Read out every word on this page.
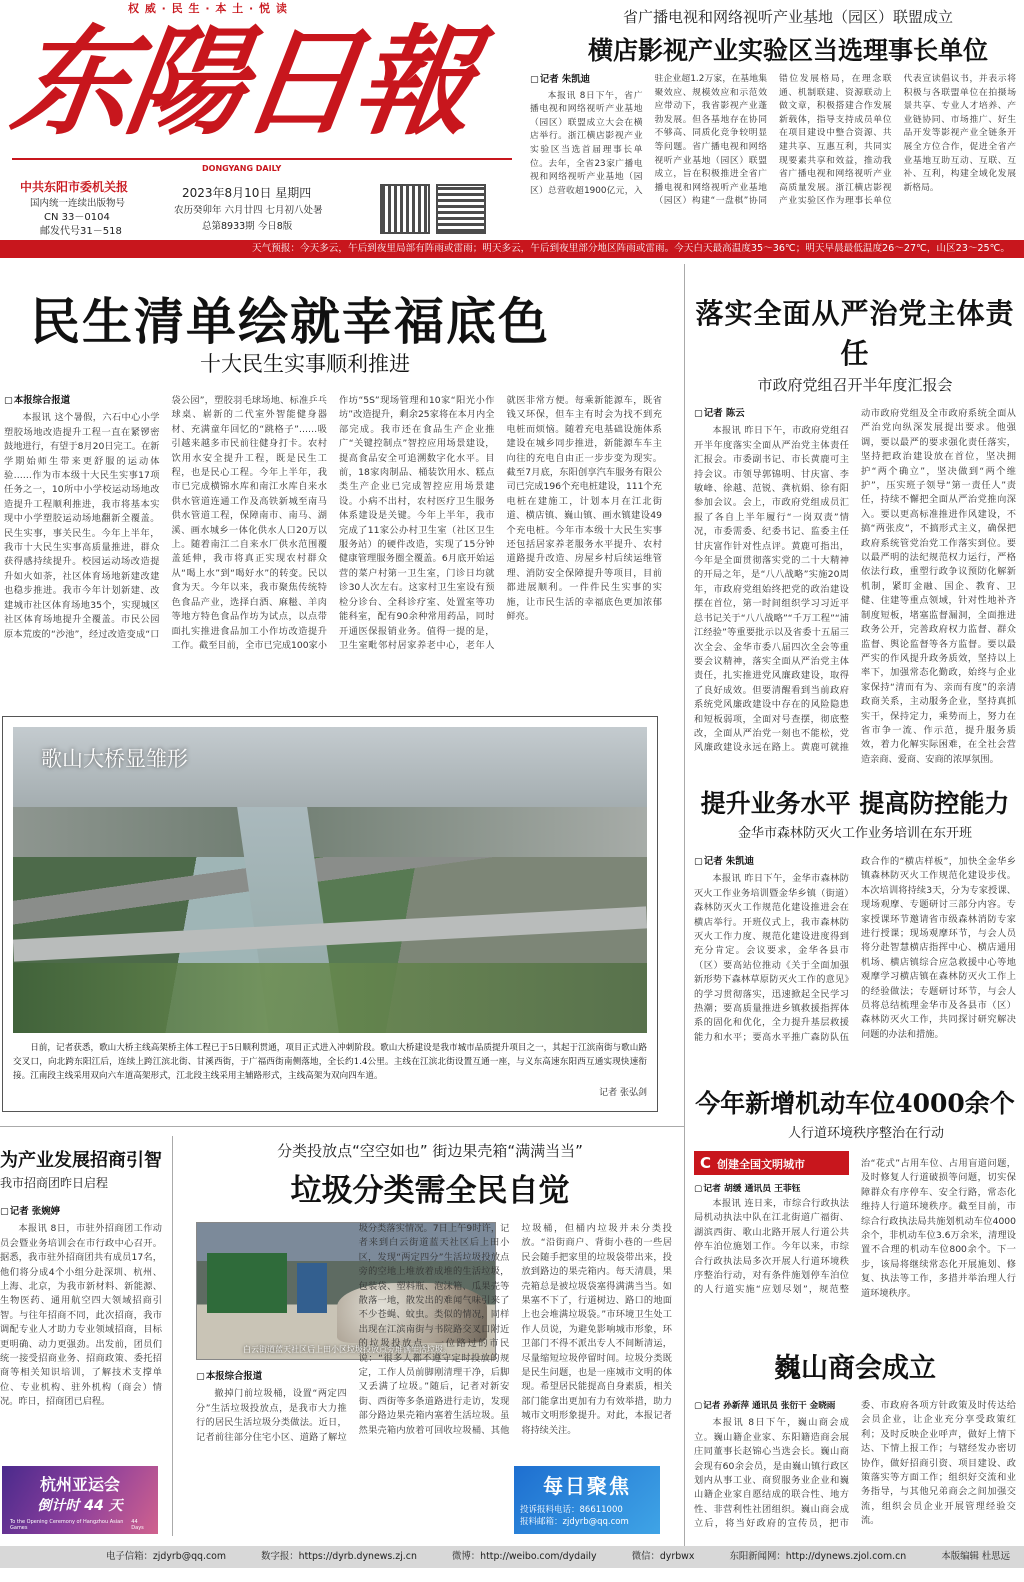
权 威 · 民 生 · 本 土 · 悦 读
东陽日報
DONGYANG DAILY
中共东阳市委机关报
国内统一连续出版物号
CN 33－0104
邮发代号31－518
2023年8月10日 星期四
农历癸卯年 六月廿四 七月初八处暑
总第8933期 今日8版
省广播电视和网络视听产业基地（园区）联盟成立
横店影视产业实验区当选理事长单位
▢ 记者 朱凯迪

本报讯 8日下午，省广播电视和网络视听产业基地（园区）联盟成立大会在横店举行。浙江横店影视产业实验区当选首届理事长单位。去年，全省23家广播电视和网络视听产业基地（园区）总营收超1900亿元，入驻企业超1.2万家，在基地集聚效应、规模效应和示范效应带动下，我省影视产业蓬勃发展。但各基地存在协同不够高、同质化竞争较明显等问题。省广播电视和网络视听产业基地（园区）联盟成立，旨在积极推进全省广播电视和网络视听产业基地（园区）构建“一盘棋”协同错位发展格局，在理念联通、机制联建、资源联动上做文章，积极搭建合作发展新载体，指导支持成员单位在项目建设中整合资源、共建共享、互惠互利，共同实现要素共享和效益，推动我省广播电视和网络视听产业高质量发展。浙江横店影视产业实验区作为理事长单位代表宣读倡议书，并表示将积极与各联盟单位在拍摄场景共享、专业人才培养、产业链协同、市场推广、好生品开发等影视产业全链条开展全方位合作，促进全省产业基地互助互动、互联、互补、互利，构建全域化发展新格局。

天气预报：今天多云，午后到夜里局部有阵雨或雷雨；明天多云，午后到夜里部分地区阵雨或雷雨。今天白天最高温度35～36℃；明天早晨最低温度26～27℃，山区23～25℃。
民生清单绘就幸福底色
十大民生实事顺利推进
▢ 本报综合报道

本报讯 这个暑假，六石中心小学塑胶场地改造提升工程一直在紧锣密鼓地进行，有望于8月20日完工。在新学期始师生带来更舒服的运动体验……作为市本级十大民生实事17项任务之一，10所中小学校运动场地改造提升工程顺利推进，我市将基本实现中小学塑胶运动场地翻新全覆盖。民生实事，事关民生。今年上半年，我市十大民生实事高质量推进，群众获得感持续提升。校园运动场改造提升如火如荼，社区体育场地新建改建也稳步推进。我市今年计划新建、改建城市社区体育场地35个，实现城区社区体育场地提升全覆盖。市民公园原本荒废的“沙池”，经过改造变成“口袋公园”，塑胶羽毛球场地、标准乒乓球桌、崭新的二代室外智能健身器材、充满童年回忆的“跳格子”……吸引越来越多市民前往健身打卡。农村饮用水安全提升工程，既是民生工程，也是民心工程。今年上半年，我市已完成横锦水库和南江水库自来水供水管道连通工作及高铁新城至南马供水管道工程，保障南市、南马、湖溪、画水城乡一体化供水人口20万以上。随着南江二自来水厂供水范围覆盖延伸，我市将真正实现农村群众从“喝上水”到“喝好水”的转变。民以食为天。今年以来，我市聚焦传统特色食品产业，选择白酒、麻糍、羊肉等地方特色食品作坊为试点，以点带面扎实推进食品加工小作坊改造提升工作。截至目前，全市已完成100家小作坊“5S”现场管理和10家“阳光小作坊”改造提升，剩余25家将在本月内全部完成。我市还在食品生产企业推广“关键控制点”智控应用场景建设，提高食品安全可追溯数字化水平。目前，18家肉制品、桶装饮用水、糕点类生产企业已完成智控应用场景建设。小病不出村，农村医疗卫生服务体系建设是关键。今年上半年，我市完成了11家公办村卫生室（社区卫生服务站）的硬件改造，实现了15分钟健康管理服务圈全覆盖。6月底开始运营的菜户村第一卫生室，门诊日均就诊30人次左右。这家村卫生室设有预检分诊台、全科诊疗室、处置室等功能科室，配有90余种常用药品，同时开通医保报销业务。值得一提的是，卫生室毗邻村居家养老中心，老年人就医非常方便。每乘新能源车，既省钱又环保，但车主有时会为找不到充电桩而烦恼。随着充电基础设施体系建设在城乡同步推进，新能源车车主向往的充电自由正一步步变为现实。截至7月底，东阳创享汽车服务有限公司已完成196个充电桩建设，111个充电桩在建施工，计划本月在江北街道、横店镇、巍山镇、画水镇建设49个充电桩。今年市本级十大民生实事还包括居家养老服务水平提升、农村道路提升改造、房屋乡村后续运维管理、消防安全保障提升等项目，目前都进展顺利。一件件民生实事的实施，让市民生活的幸福底色更加浓郁鲜亮。

歌山大桥显雏形
日前，记者获悉，歌山大桥主线高架桥主体工程已于5日顺利贯通，项目正式进入冲刺阶段。歌山大桥建设是我市城市品质提升项目之一，其起于江滨南街与歌山路交叉口，向北跨东阳江后，连续上跨江滨北街、甘溪西街，于广福西街南侧落地，全长约1.4公里。主线在江滨北街设置互通一座，与义东高速东阳西互通实现快速衔接。江南段主线采用双向六车道高架形式，江北段主线采用主辅路形式，主线高架为双向四车道。
记者 张弘剑
落实全面从严治党主体责任
市政府党组召开半年度汇报会
▢ 记者 陈云

本报讯 昨日下午，市政府党组召开半年度落实全面从严治党主体责任汇报会。市委副书记、市长黄鹿可主持会议。市领导郭锦明、甘庆富、李敏峰、徐越、范锐、龚杭娟、徐有阳参加会议。会上，市政府党组成员汇报了各自上半年履行“一岗双责”情况，市委需委、纪委书记、监委主任甘庆富作针对性点评。黄鹿可指出，今年是全面贯彻落实党的二十大精神的开局之年，是“八八战略”实施20周年，市政府党组始终把党的政治建设摆在首位，第一时间组织学习习近平总书记关于“八八战略”“千万工程”“浦江经验”等重要批示以及省委十五届三次全会、金华市委八届四次全会等重要会议精神，落实全面从严治党主体责任，扎实推进党风廉政建设，取得了良好成效。但要清醒看到当前政府系统党风廉政建设中存在的风险隐患和短板弱项，全面对号查摆，彻底整改，全面从严治党一刻也不能松，党风廉政建设永远在路上。黄鹿可就推动市政府党组及全市政府系统全面从严治党向纵深发展提出要求。他强调，要以最严的要求强化责任落实，坚持把政治建设放在首位，坚决拥护“两个确立”，坚决做到“两个维护”，压实班子领导“第一责任人”责任，持续不懈把全面从严治党推向深入。要以更高标准推进作风建设，不搞“两张皮”，不搞形式主义，确保把政府系统管党治党工作落实到位。要以最严明的法纪规范权力运行，严格依法行政，重塑行政争议预防化解新机制，紧盯金融、国企、教育、卫健、住建等重点领域，针对性地补齐制度短板，堵塞监督漏洞，全面推进政务公开，完善政府权力监督、群众监督、舆论监督等各方监督。要以最严实的作风提升政务质效，坚持以上率下，加强常态化勤政，始终与企业家保持“清而有为、亲而有度”的亲清政商关系，主动服务企业，坚持真抓实干，保持定力，乘势而上，努力在省市争一流、作示范，提升服务质效，着力化解实际困难，在全社会营造亲商、爱商、安商的浓厚氛围。

提升业务水平 提高防控能力
金华市森林防灭火工作业务培训在东开班
▢ 记者 朱凯迪

本报讯 昨日下午，金华市森林防灭火工作业务培训暨金华乡镇（街道）森林防灭火工作规范化建设推进会在横店举行。开班仪式上，我市森林防灭火工作力度、规范化建设进度得到充分肯定。会议要求，金华各县市（区）要高站位推动《关于全面加强新形势下森林草原防灭火工作的意见》的学习贯彻落实，迅速掀起全民学习热潮；要高质量推进乡镇救援指挥体系的固化和优化，全力提升基层救援能力和水平；要高水平推广森防队伍政合作的“横店样板”，加快全金华乡镇森林防灭火工作规范化建设步伐。本次培训将持续3天，分为专家授课、现场观摩、专题研讨三部分内容。专家授课环节邀请省市级森林消防专家进行授课；现场观摩环节，与会人员将分赴智慧横店指挥中心、横店通用机场、横店镇综合应急救援中心等地观摩学习横店镇在森林防灭火工作上的经验做法；专题研讨环节，与会人员将总结梳理金华市及各县市（区）森林防灭火工作，共同探讨研究解决问题的办法和措施。

今年新增机动车位4000余个
人行道环境秩序整治在行动
C 创建全国文明城市
▢ 记者 胡缓 通讯员 王菲钰

本报讯 连日来，市综合行政执法局机动执法中队在江北街道广福街、湖滨西街、歌山北路开展人行道公共停车泊位施划工作。今年以来，市综合行政执法局多次开展人行道环境秩序整治行动，对有条件施划停车泊位的人行道实施“应划尽划”，规范整治“花式”占用车位、占用盲道问题，及时修复人行道破损等问题，切实保障群众有序停车、安全行路，常态化维持人行道环境秩序。截至目前，市综合行政执法局共施划机动车位4000余个，非机动车位3.6万余米，清理设置不合理的机动车位800余个。下一步，该局将继续常态化开展施划、修复、执法等工作，多措并举治理人行道环境秩序。

巍山商会成立
▢ 记者 孙新萍 通讯员 张衍干 金晓雨

本报讯 8日下午，巍山商会成立。巍山籍企业家、东阳籍造商会展庄同董事长赵锦心当选会长。巍山商会现有60余会员，是由巍山镇行政区划内从事工业、商贸服务业企业和巍山籍企业家自愿结成的联合性、地方性、非营利性社团组织。巍山商会成立后，将当好政府的宣传员，把市委、市政府各项方针政策及时传达给会员企业，让企业充分享受政策红利；及时反映企业呼声，做好上情下达、下情上报工作；与辖经发办密切协作，做好招商引资、项目建设、政策落实等方面工作；组织好交流和业务指导，与其他兄弟商会之间加强交流，组织会员企业开展管理经验交流。

为产业发展招商引智
我市招商团昨日启程
▢ 记者 张婉婷

本报讯 8日，市驻外招商团工作动员会暨业务培训会在市行政中心召开。据悉，我市驻外招商团共有成员17名，他们将分成4个小组分赴深圳、杭州、上海、北京，为我市新材料、新能源、生物医药、通用航空四大领域招商引智。与往年招商不同，此次招商，我市调配专业人才助力专业领域招商，目标更明确、动力更强劲。出发前，团员们统一接受招商业务、招商政策、委托招商等相关知识培训，了解技术支撑单位、专业机构、驻外机构（商会）情况。昨日，招商团已启程。

杭州亚运会
倒计时 44 天
To the Opening Ceremony of Hangzhou Asian Games
44 Days
分类投放点“空空如也” 街边果壳箱“满满当当”
垃圾分类需全民自觉
白云街道蓝天社区后上田小区垃圾投放点旁堆满生活垃圾。
▢ 本报综合报道

撤掉门前垃圾桶，设置“两定四分”生活垃圾投放点，是我市大力推行的居民生活垃圾分类做法。近日，记者前往部分住宅小区、道路了解垃圾分类落实情况。7日上午9时许，记者来到白云街道蓝天社区后上田小区，发现“两定四分”生活垃圾投放点旁的空地上堆放着成堆的生活垃圾，包装袋、塑料瓶、泡沫箱、瓜果壳等散落一地，散发出的难闻气味引来了不少苍蝇、蚊虫。类似的情况，同样出现在江滨南街与书院路交叉口附近的垃圾投放点。一位路过的市民说：“很多人都不遵守定时投放的规定，工作人员前脚刚清理干净，后脚又丢满了垃圾。”随后，记者对新安街、西街等多条道路进行走访，发现部分路边果壳箱内塞着生活垃圾。虽然果壳箱内放着可回收垃圾桶、其他垃圾桶，但桶内垃圾并未分类投放。“沿街商户、背街小巷的一些居民会随手把家里的垃圾袋带出来，投放到路边的果壳箱内。每天清晨，果壳箱总是被垃圾袋塞得满满当当。如果塞不下了，行道树边、路口的地面上也会堆满垃圾袋。”市环境卫生处工作人员说，为避免影响城市形象，环卫部门不得不派出专人不间断清运，尽量缩短垃圾停留时间。垃圾分类既是民生问题，也是一座城市文明的体现。希望居民能提高自身素质，相关部门能拿出更加有力有效举措，助力城市文明形象提升。对此，本报记者将持续关注。

每日聚焦
投诉报料电话：86611000
报料邮箱：zjdyrb@qq.com
电子信箱：zjdyrb@qq.com	数字报：https://dyrb.dynews.zj.cn	微博：http://weibo.com/dydaily	微信：dyrbwx	东阳新闻网：http://dynews.zjol.com.cn	本版编辑 杜思远
